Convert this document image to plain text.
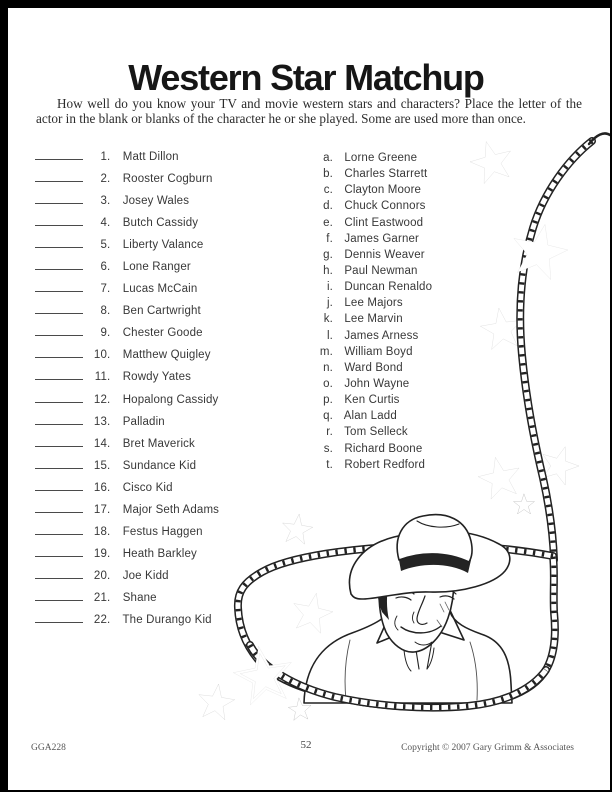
Western Star Matchup

How well do you know your TV and movie western stars and characters? Place the letter of the actor in the blank or blanks of the character he or she played. Some are used more than once.

1. Matt Dillon
2. Rooster Cogburn
3. Josey Wales
4. Butch Cassidy
5. Liberty Valance
6. Lone Ranger
7. Lucas McCain
8. Ben Cartwright
9. Chester Goode
10. Matthew Quigley
11. Rowdy Yates
12. Hopalong Cassidy
13. Palladin
14. Bret Maverick
15. Sundance Kid
16. Cisco Kid
17. Major Seth Adams
18. Festus Haggen
19. Heath Barkley
20. Joe Kidd
21. Shane
22. The Durango Kid
a. Lorne Greene
b. Charles Starrett
c. Clayton Moore
d. Chuck Connors
e. Clint Eastwood
f. James Garner
g. Dennis Weaver
h. Paul Newman
i. Duncan Renaldo
j. Lee Majors
k. Lee Marvin
l. James Arness
m. William Boyd
n. Ward Bond
o. John Wayne
p. Ken Curtis
q. Alan Ladd
r. Tom Selleck
s. Richard Boone
t. Robert Redford
GGA228	52	Copyright © 2007 Gary Grimm & Associates
